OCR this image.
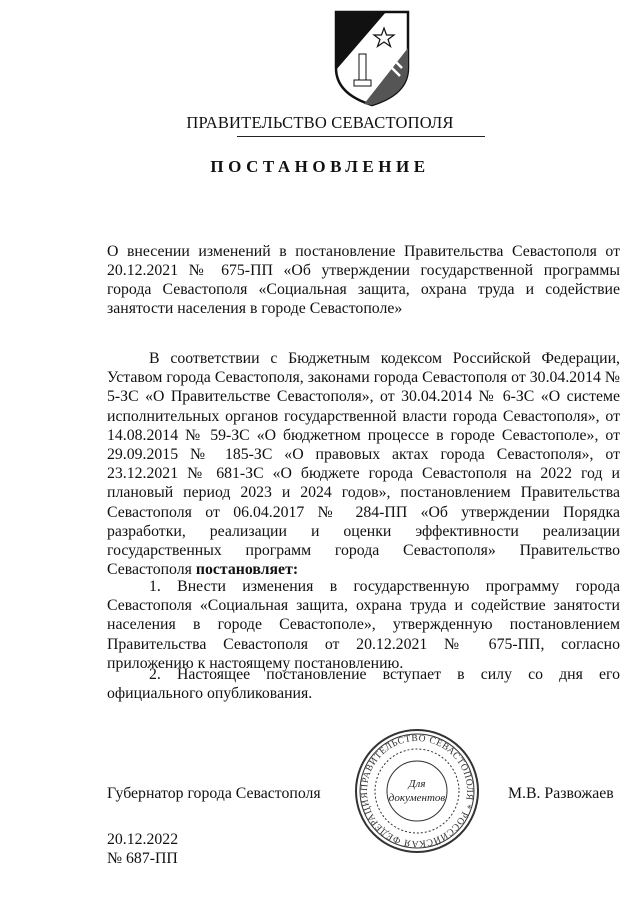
ПРАВИТЕЛЬСТВО СЕВАСТОПОЛЯ
ПОСТАНОВЛЕНИЕ
О внесении изменений в постановление Правительства Севастополя от 20.12.2021 № 675-ПП «Об утверждении государственной программы города Севастополя «Социальная защита, охрана труда и содействие занятости населения в городе Севастополе»
В соответствии с Бюджетным кодексом Российской Федерации, Уставом города Севастополя, законами города Севастополя от 30.04.2014 № 5-ЗС «О Правительстве Севастополя», от 30.04.2014 № 6-ЗС «О системе исполнительных органов государственной власти города Севастополя», от 14.08.2014 № 59-ЗС «О бюджетном процессе в городе Севастополе», от 29.09.2015 № 185-ЗС «О правовых актах города Севастополя», от 23.12.2021 № 681-ЗС «О бюджете города Севастополя на 2022 год и плановый период 2023 и 2024 годов», постановлением Правительства Севастополя от 06.04.2017 № 284-ПП «Об утверждении Порядка разработки, реализации и оценки эффективности реализации государственных программ города Севастополя» Правительство Севастополя постановляет:
1. Внести изменения в государственную программу города Севастополя «Социальная защита, охрана труда и содействие занятости населения в городе Севастополе», утвержденную постановлением Правительства Севастополя от 20.12.2021 № 675-ПП, согласно приложению к настоящему постановлению.
2. Настоящее постановление вступает в силу со дня его официального опубликования.
Губернатор города Севастополя	М.В. Развожаев
20.12.2022
№ 687-ПП
ПРАВИТЕЛЬСТВО СЕВАСТОПОЛЯ * РОССИЙСКАЯ ФЕДЕРАЦИЯ
Для
документов
